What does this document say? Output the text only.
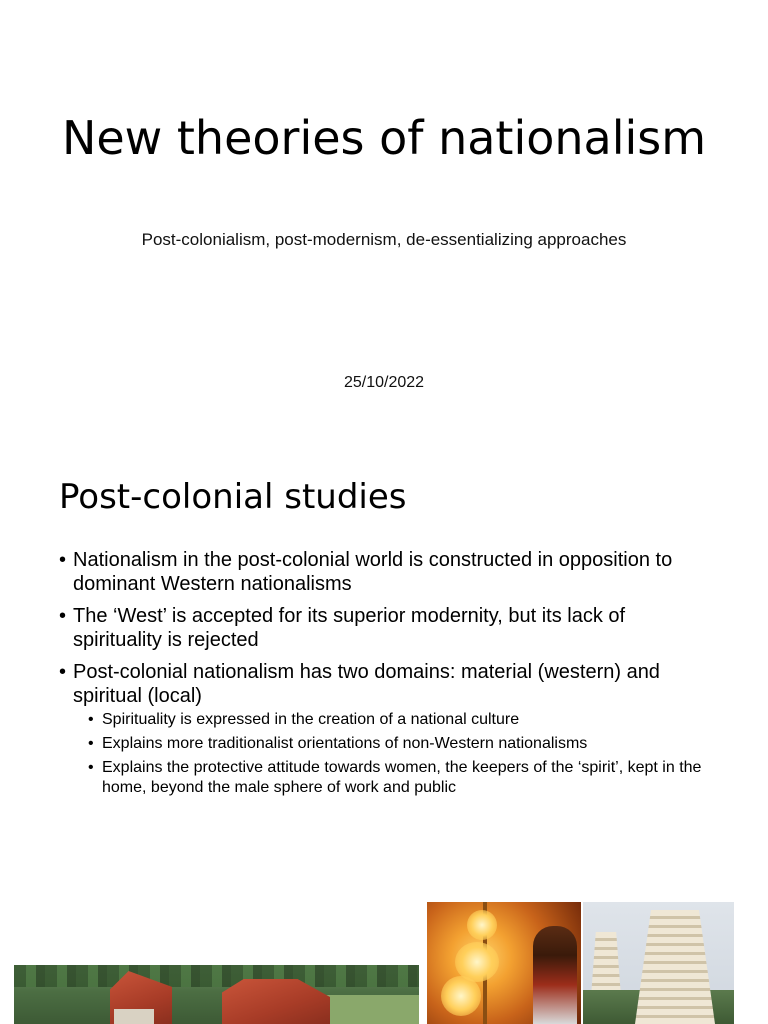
New theories of nationalism
Post-colonialism, post-modernism, de-essentializing approaches
25/10/2022
Post-colonial studies
• Nationalism in the post-colonial world is constructed in opposition to dominant Western nationalisms
• The ‘West’ is accepted for its superior modernity, but its lack of spirituality is rejected
• Post-colonial nationalism has two domains: material (western) and spiritual (local)
• Spirituality is expressed in the creation of a national culture
• Explains more traditionalist orientations of non-Western nationalisms
• Explains the protective attitude towards women, the keepers of the ‘spirit’, kept in the home, beyond the male sphere of work and public
